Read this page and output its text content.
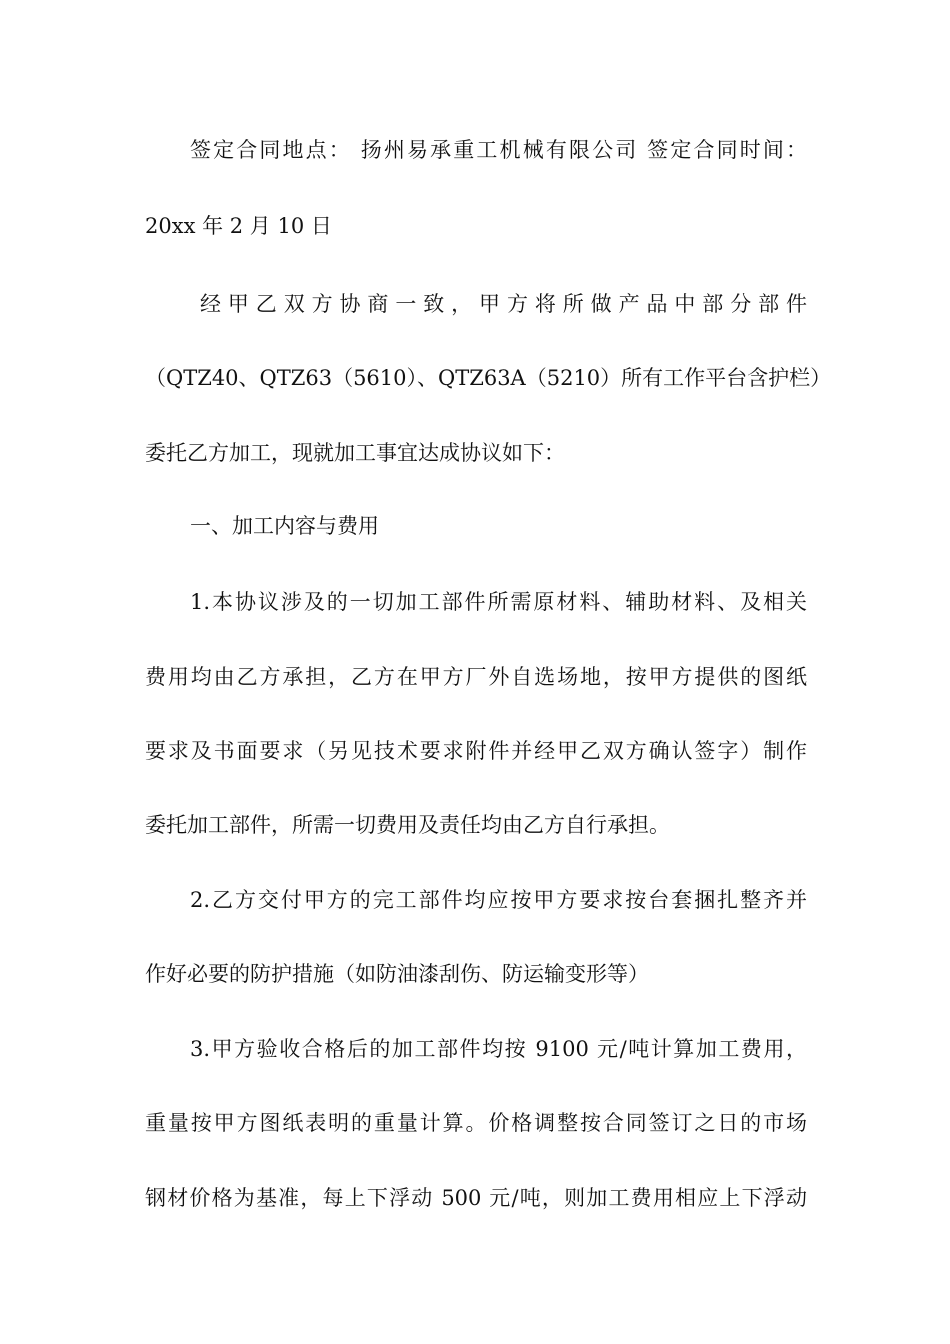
签定合同地点： 扬州易承重工机械有限公司 签定合同时间：
20xx 年 2 月 10 日
经甲乙双方协商一致，甲方将所做产品中部分部件
（QTZ40、QTZ63（5610）、QTZ63A（5210）所有工作平台含护栏）
委托乙方加工，现就加工事宜达成协议如下：
一、加工内容与费用
1.本协议涉及的一切加工部件所需原材料、辅助材料、及相关
费用均由乙方承担，乙方在甲方厂外自选场地，按甲方提供的图纸
要求及书面要求（另见技术要求附件并经甲乙双方确认签字）制作
委托加工部件，所需一切费用及责任均由乙方自行承担。
2.乙方交付甲方的完工部件均应按甲方要求按台套捆扎整齐并
作好必要的防护措施（如防油漆刮伤、防运输变形等）
3.甲方验收合格后的加工部件均按 9100 元/吨计算加工费用，
重量按甲方图纸表明的重量计算。价格调整按合同签订之日的市场
钢材价格为基准，每上下浮动 500 元/吨，则加工费用相应上下浮动
